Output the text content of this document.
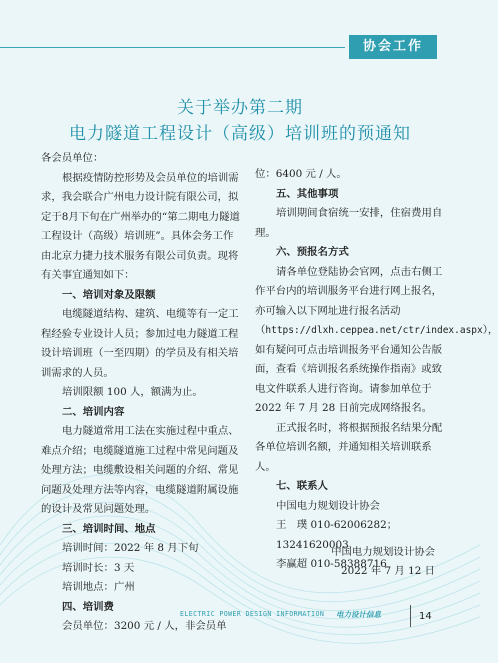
协会工作
关于举办第二期
电力隧道工程设计（高级）培训班的预通知

各会员单位：

根据疫情防控形势及会员单位的培训需求，我会联合广州电力设计院有限公司，拟定于8月下旬在广州举办的“第二期电力隧道工程设计（高级）培训班”。具体会务工作由北京力捷力技术服务有限公司负责。现将有关事宜通知如下：

一、培训对象及限额

电缆隧道结构、建筑、电缆等有一定工程经验专业设计人员；参加过电力隧道工程设计培训班（一至四期）的学员及有相关培训需求的人员。

培训限额 100 人，额满为止。

二、培训内容

电力隧道常用工法在实施过程中重点、难点介绍；电缆隧道施工过程中常见问题及处理方法；电缆敷设相关问题的介绍、常见问题及处理方法等内容，电缆隧道附属设施的设计及常见问题处理。

三、培训时间、地点

培训时间：2022 年 8 月下旬

培训时长：3 天

培训地点：广州

四、培训费

会员单位：3200 元 / 人，非会员单

位：6400 元 / 人。

五、其他事项

培训期间食宿统一安排，住宿费用自理。

六、预报名方式

请各单位登陆协会官网，点击右侧工作平台内的培训服务平台进行网上报名，亦可输入以下网址进行报名活动（https://dlxh.ceppea.net/ctr/index.aspx），如有疑问可点击培训报务平台通知公告版面，查看《培训报名系统操作指南》或致电文件联系人进行咨询。请参加单位于 2022 年 7 月 28 日前完成网络报名。

正式报名时，将根据预报名结果分配各单位培训名额，并通知相关培训联系人。

七、联系人

中国电力规划设计协会

王　璞 010-62006282；13241620003

李赢超 010-58388716

中国电力规划设计协会
2022 年 7 月 12 日
ELECTRIC POWER DESIGN INFORMATION	电力设计信息	14
